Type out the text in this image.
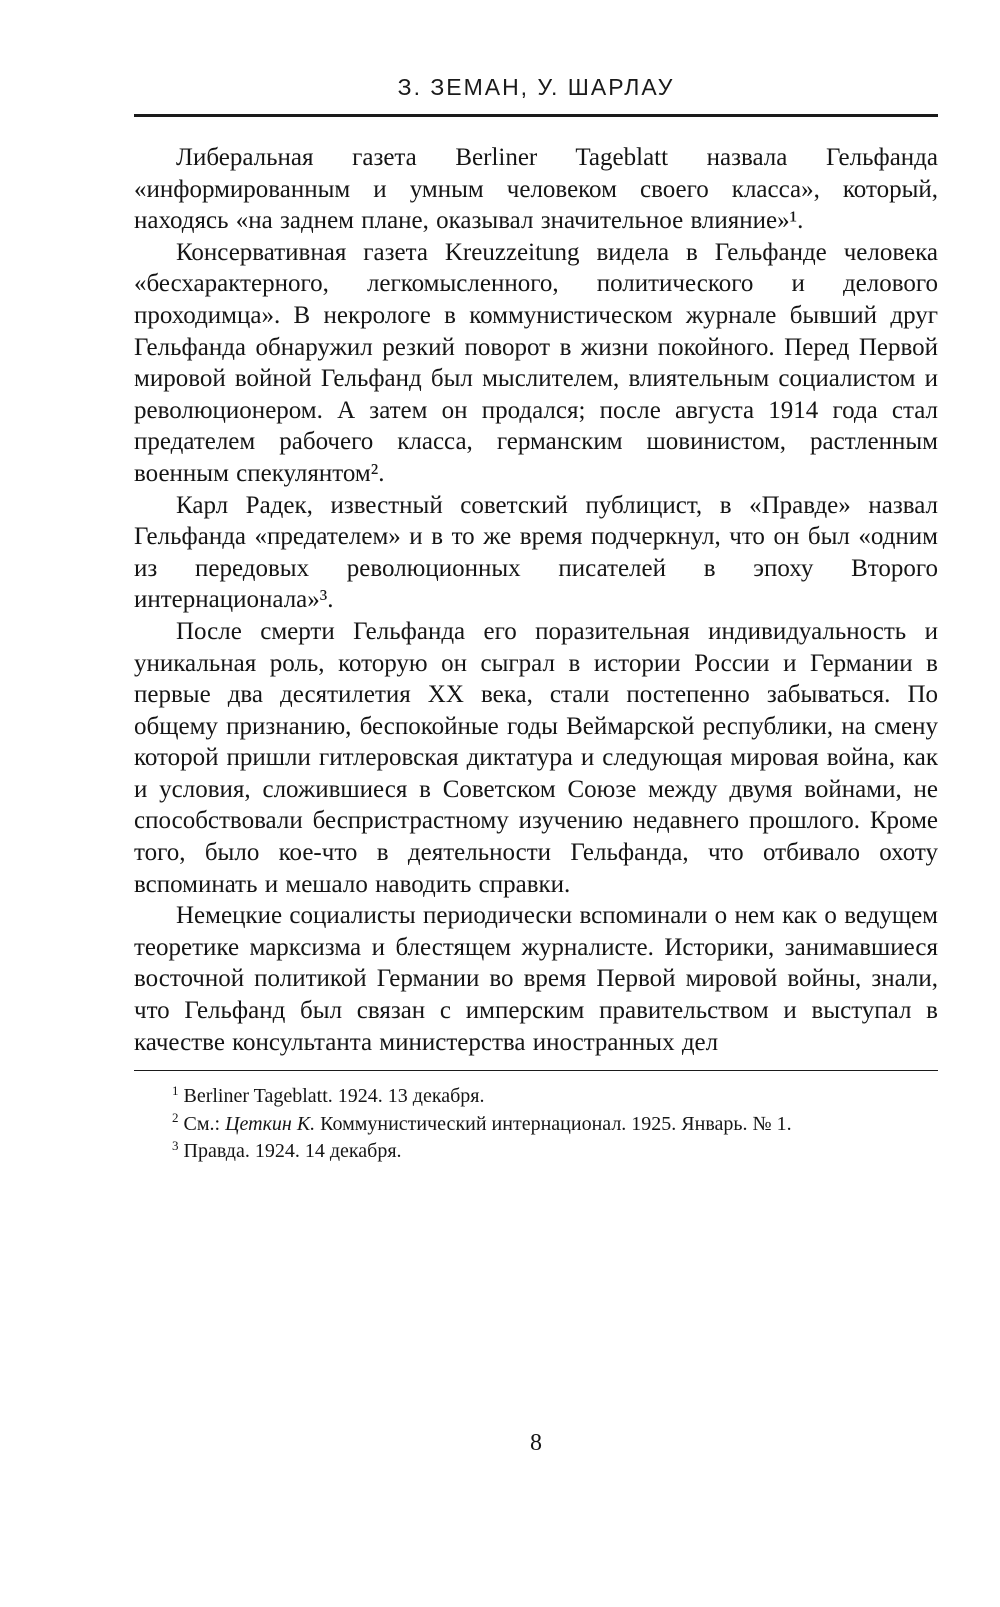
З. ЗЕМАН, У. ШАРЛАУ

Либеральная газета Berliner Tageblatt назвала Гельфанда «информированным и умным человеком своего класса», который, находясь «на заднем плане, оказывал значительное влияние»¹.

Консервативная газета Kreuzzeitung видела в Гельфанде человека «бесхарактерного, легкомысленного, политического и делового проходимца». В некрологе в коммунистическом журнале бывший друг Гельфанда обнаружил резкий поворот в жизни покойного. Перед Первой мировой войной Гельфанд был мыслителем, влиятельным социалистом и революционером. А затем он продался; после августа 1914 года стал предателем рабочего класса, германским шовинистом, растленным военным спекулянтом².

Карл Радек, известный советский публицист, в «Правде» назвал Гельфанда «предателем» и в то же время подчеркнул, что он был «одним из передовых революционных писателей в эпоху Второго интернационала»³.

После смерти Гельфанда его поразительная индивидуальность и уникальная роль, которую он сыграл в истории России и Германии в первые два десятилетия XX века, стали постепенно забываться. По общему признанию, беспокойные годы Веймарской республики, на смену которой пришли гитлеровская диктатура и следующая мировая война, как и условия, сложившиеся в Советском Союзе между двумя войнами, не способствовали беспристрастному изучению недавнего прошлого. Кроме того, было кое-что в деятельности Гельфанда, что отбивало охоту вспоминать и мешало наводить справки.

Немецкие социалисты периодически вспоминали о нем как о ведущем теоретике марксизма и блестящем журналисте. Историки, занимавшиеся восточной политикой Германии во время Первой мировой войны, знали, что Гельфанд был связан с имперским правительством и выступал в качестве консультанта министерства иностранных дел

$^1$ Berliner Tageblatt. 1924. 13 декабря.

$^2$ См.: Цеткин К. Коммунистический интернационал. 1925. Январь. № 1.

$^3$ Правда. 1924. 14 декабря.

8
